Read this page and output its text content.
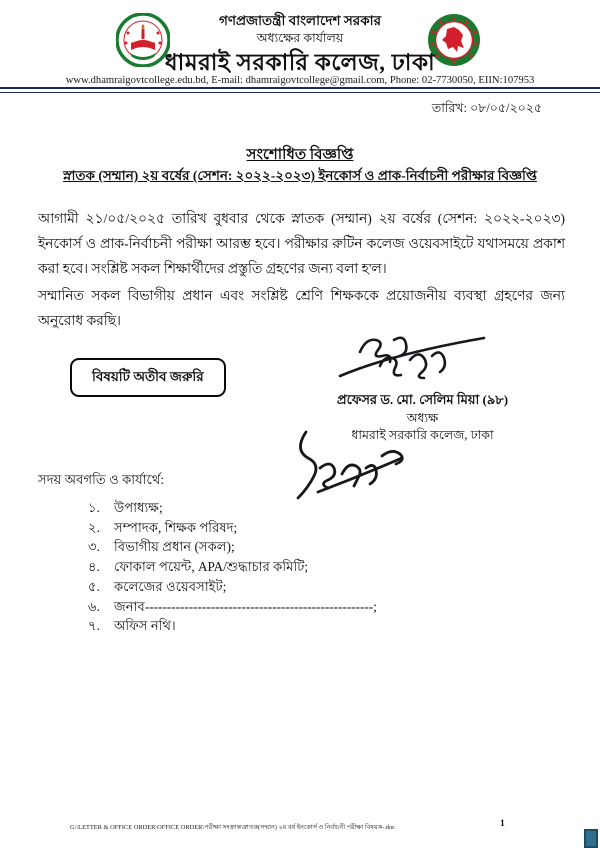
গণপ্রজাতন্ত্রী বাংলাদেশ সরকার
অধ্যক্ষের কার্যালয়
ধামরাই সরকারি কলেজ, ঢাকা
www.dhamraigovtcollege.edu.bd, E-mail: dhamraigovtcollege@gmail.com, Phone: 02-7730050, EIIN:107953
তারিখ: ০৮/০৫/২০২৫
সংশোধিত বিজ্ঞপ্তি
স্নাতক (সম্মান) ২য় বর্ষের (সেশন: ২০২২-২০২৩) ইনকোর্স ও প্রাক-নির্বাচনী পরীক্ষার বিজ্ঞপ্তি
আগামী ২১/০৫/২০২৫ তারিখ বুধবার থেকে স্নাতক (সম্মান) ২য় বর্ষের (সেশন: ২০২২-২০২৩) ইনকোর্স ও প্রাক-নির্বাচনী পরীক্ষা আরম্ভ হবে। পরীক্ষার রুটিন কলেজ ওয়েবসাইটে যথাসময়ে প্রকাশ করা হবে। সংশ্লিষ্ট সকল শিক্ষার্থীদের প্রস্তুতি গ্রহণের জন্য বলা হ'ল।
সম্মানিত সকল বিভাগীয় প্রধান এবং সংশ্লিষ্ট শ্রেণি শিক্ষককে প্রয়োজনীয় ব্যবস্থা গ্রহণের জন্য অনুরোধ করছি।
বিষয়টি অতীব জরুরি
প্রফেসর ড. মো. সেলিম মিয়া (৯৮)
অধ্যক্ষ
ধামরাই সরকারি কলেজ, ঢাকা
সদয় অবগতি ও কার্যার্থে:
১. উপাধ্যক্ষ;
২. সম্পাদক, শিক্ষক পরিষদ;
৩. বিভাগীয় প্রধান (সকল);
৪. ফোকাল পয়েন্ট, APA/শুদ্ধাচার কমিটি;
৫. কলেজের ওয়েবসাইট;
৬. জনাব----------------------------------------------------;
৭. অফিস নথি।
G:\LETTER & OFFICE ORDER\OFFICE ORDER\পরীক্ষা সংক্রান্ত\স্নাতক(সম্মান) ২য় বর্ষ ইনকোর্স ও নির্বাচনী পরীক্ষা বিষয়ক-.doc	1
